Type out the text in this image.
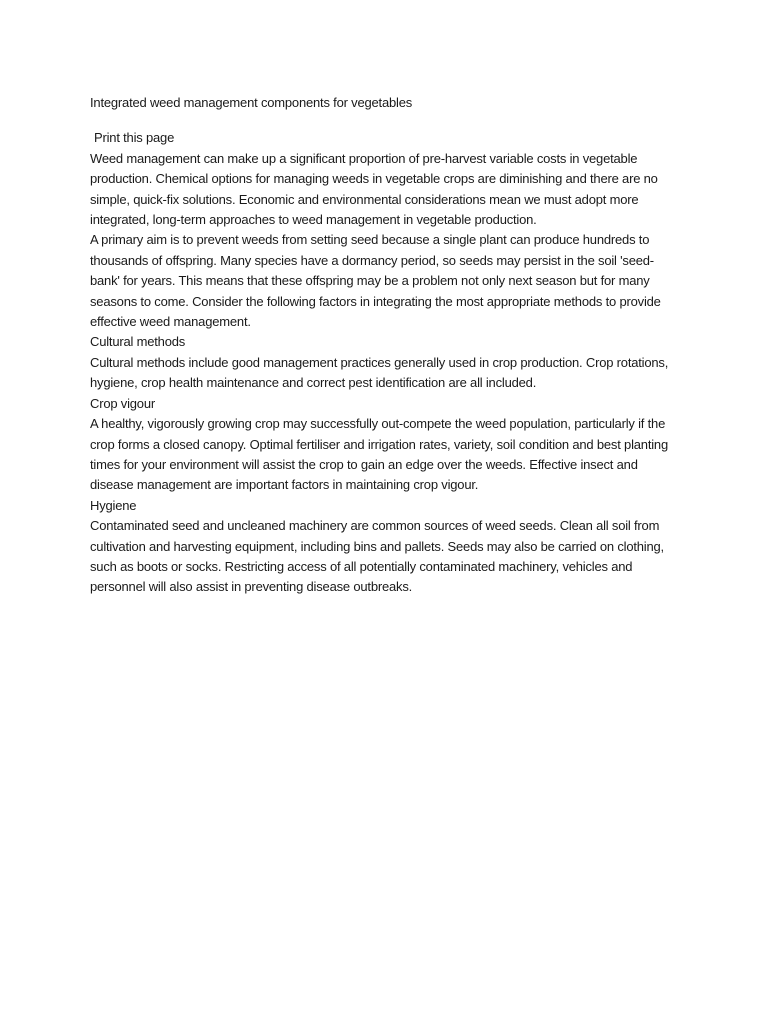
Integrated weed management components for vegetables
Print this page

Weed management can make up a significant proportion of pre-harvest variable costs in vegetable production. Chemical options for managing weeds in vegetable crops are diminishing and there are no simple, quick-fix solutions. Economic and environmental considerations mean we must adopt more integrated, long-term approaches to weed management in vegetable production.

A primary aim is to prevent weeds from setting seed because a single plant can produce hundreds to thousands of offspring. Many species have a dormancy period, so seeds may persist in the soil 'seed-bank' for years. This means that these offspring may be a problem not only next season but for many seasons to come. Consider the following factors in integrating the most appropriate methods to provide effective weed management.

Cultural methods

Cultural methods include good management practices generally used in crop production. Crop rotations, hygiene, crop health maintenance and correct pest identification are all included.

Crop vigour

A healthy, vigorously growing crop may successfully out-compete the weed population, particularly if the crop forms a closed canopy. Optimal fertiliser and irrigation rates, variety, soil condition and best planting times for your environment will assist the crop to gain an edge over the weeds. Effective insect and disease management are important factors in maintaining crop vigour.

Hygiene

Contaminated seed and uncleaned machinery are common sources of weed seeds. Clean all soil from cultivation and harvesting equipment, including bins and pallets. Seeds may also be carried on clothing, such as boots or socks. Restricting access of all potentially contaminated machinery, vehicles and personnel will also assist in preventing disease outbreaks.
